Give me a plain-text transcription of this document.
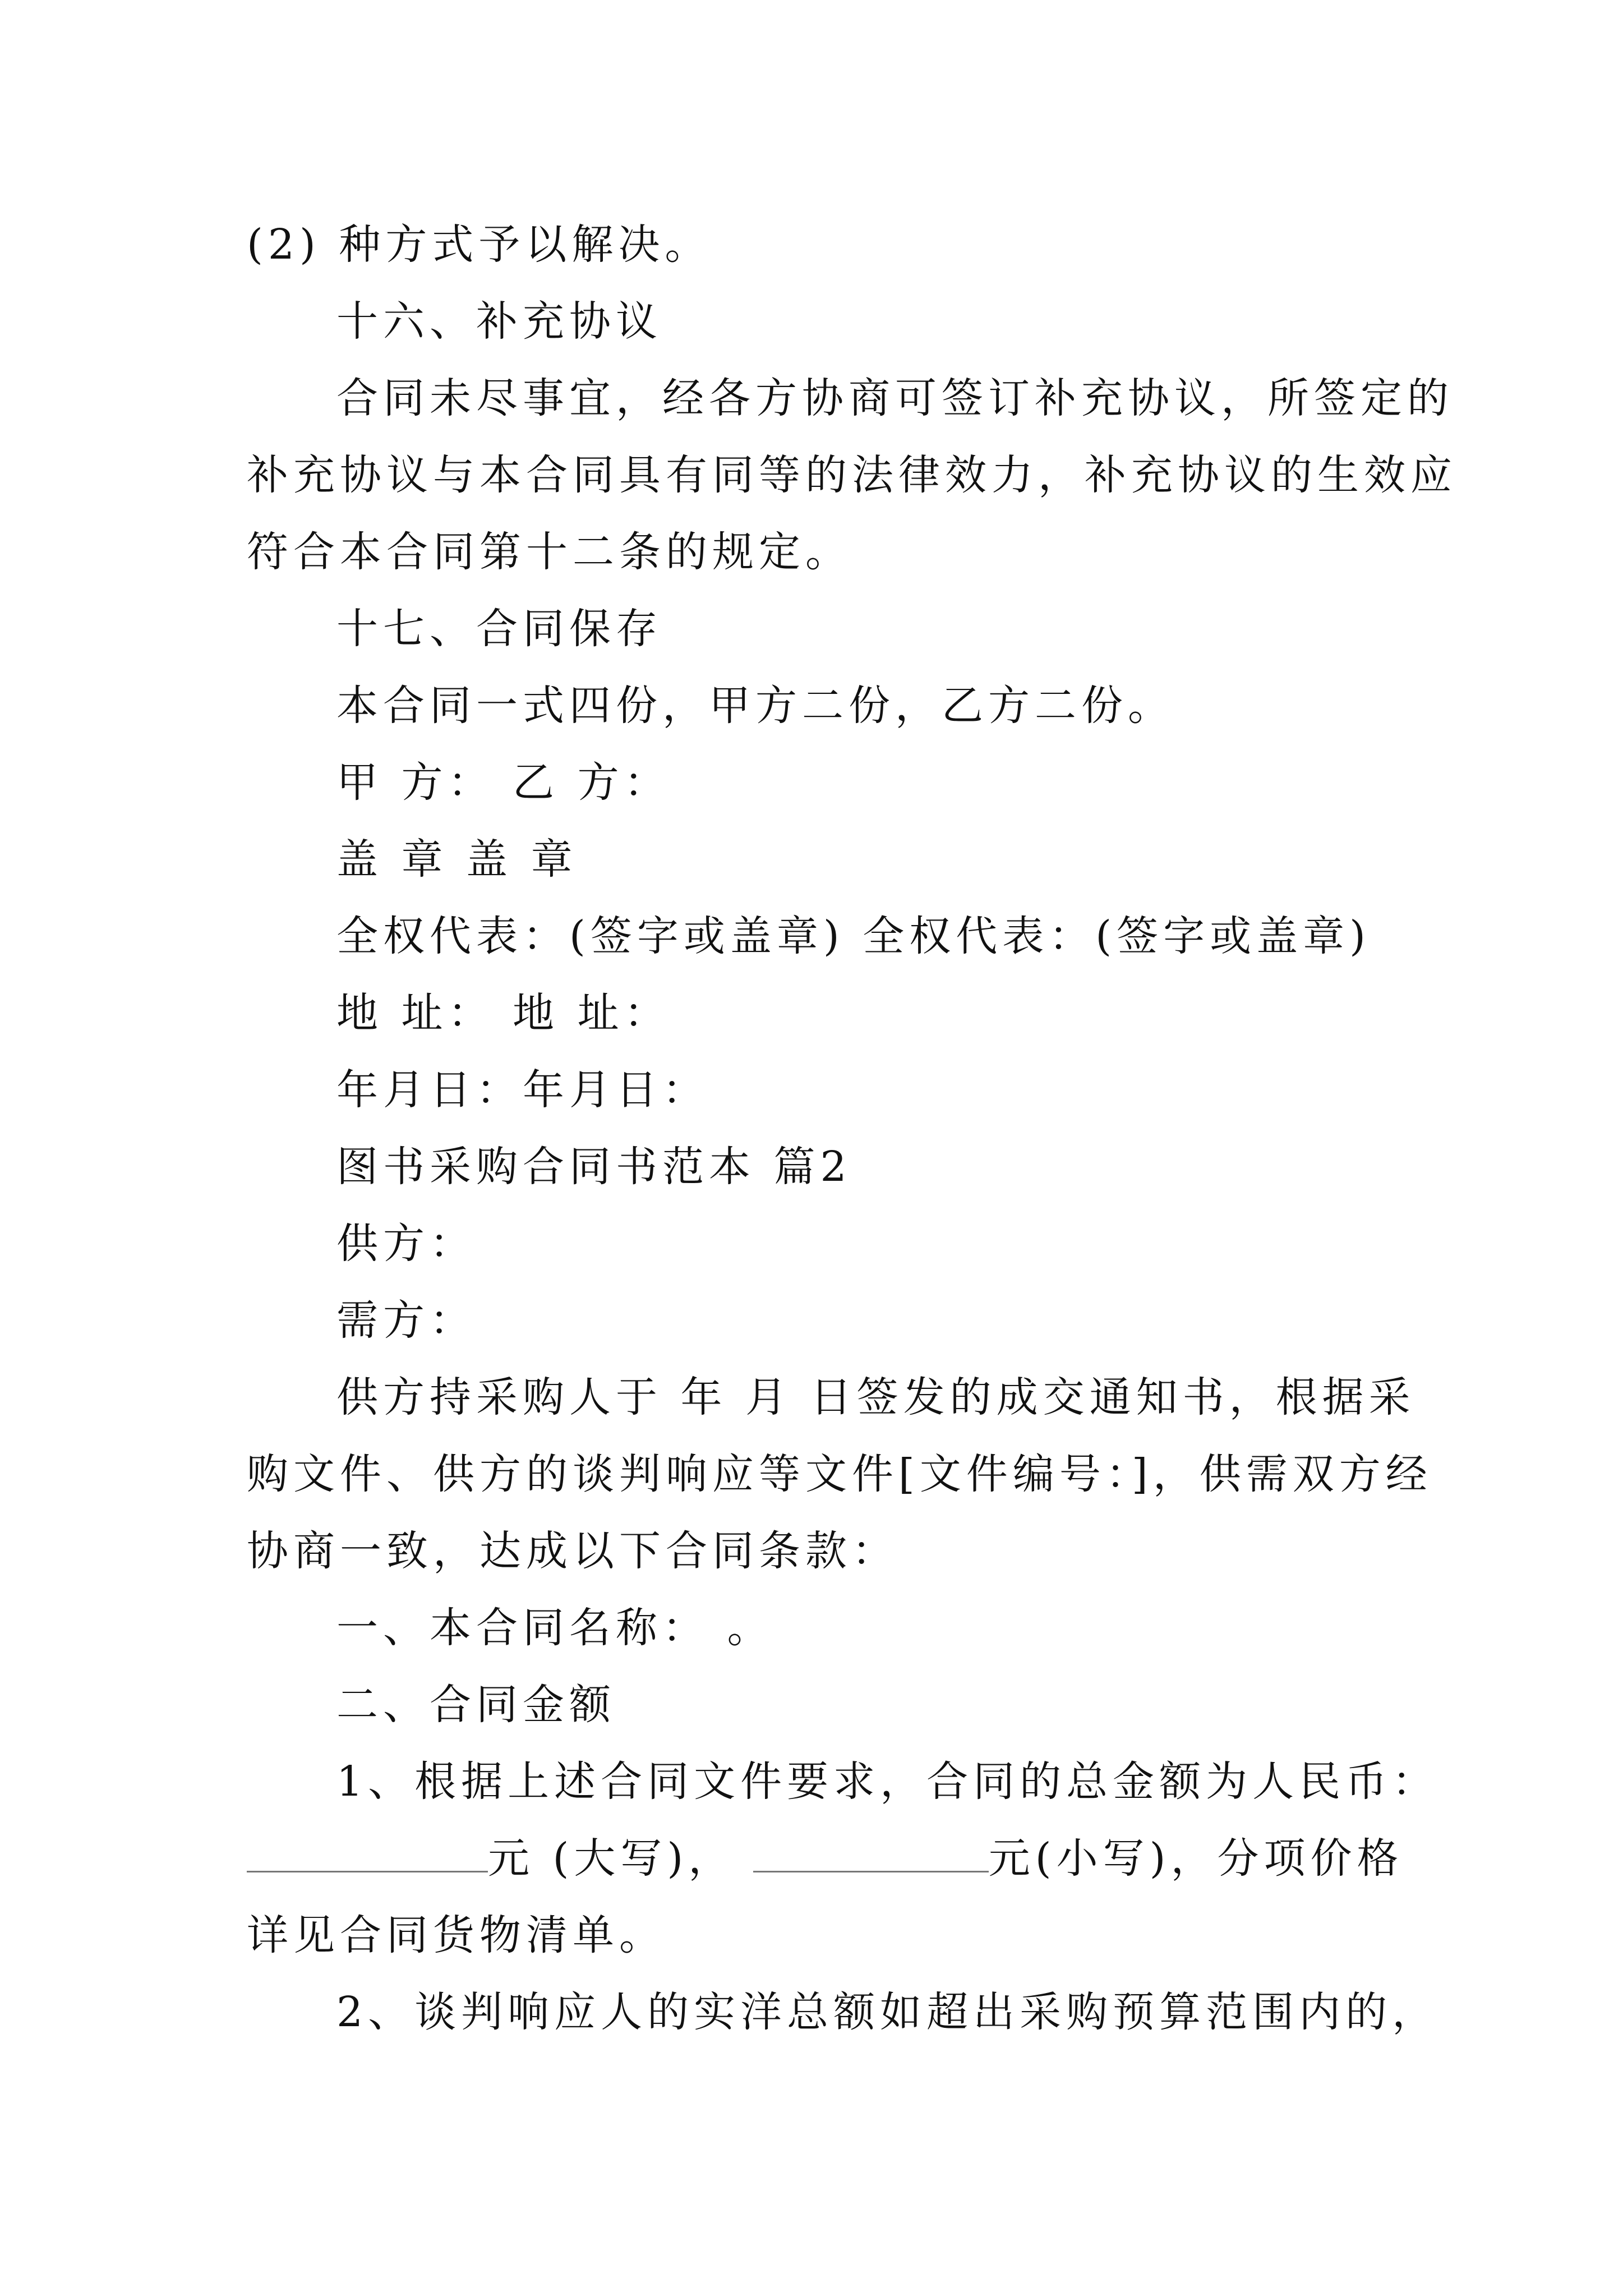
(2) 种方式予以解决。
十六、补充协议
合同未尽事宜，经各方协商可签订补充协议，所签定的
补充协议与本合同具有同等的法律效力，补充协议的生效应
符合本合同第十二条的规定。
十七、合同保存
本合同一式四份，甲方二份，乙方二份。
甲 方： 乙 方：
盖 章 盖 章
全权代表：(签字或盖章) 全权代表：(签字或盖章)
地 址： 地 址：
年月日：年月日：
图书采购合同书范本 篇2
供方：
需方：
供方持采购人于 年 月 日签发的成交通知书，根据采
购文件、供方的谈判响应等文件[文件编号：]，供需双方经
协商一致，达成以下合同条款：
一、本合同名称： 。
二、合同金额
1、根据上述合同文件要求，合同的总金额为人民币：
元 (大写)，	元(小写)，分项价格
详见合同货物清单。
2、谈判响应人的实洋总额如超出采购预算范围内的，
